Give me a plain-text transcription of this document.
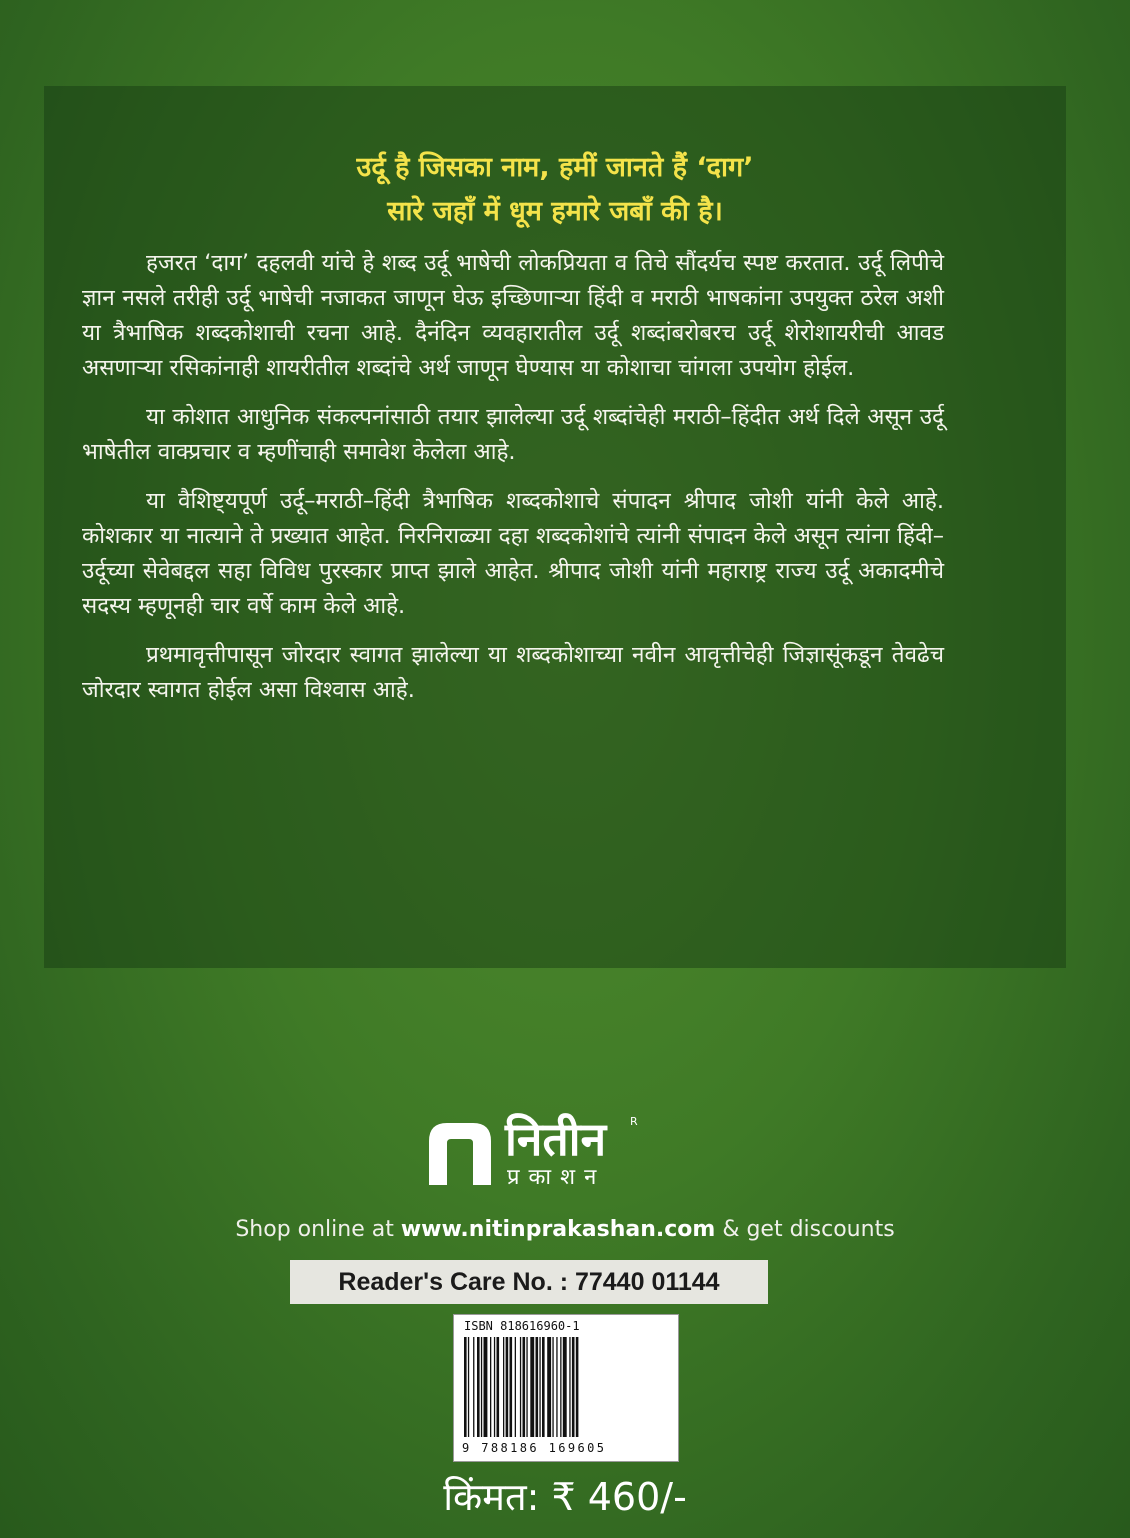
उर्दू है जिसका नाम, हमीं जानते हैं ‘दाग’
सारे जहाँ में धूम हमारे जबाँ की है।

हजरत ‘दाग’ दहलवी यांचे हे शब्द उर्दू भाषेची लोकप्रियता व तिचे सौंदर्यच स्पष्ट करतात. उर्दू लिपीचे ज्ञान नसले तरीही उर्दू भाषेची नजाकत जाणून घेऊ इच्छिणाऱ्या हिंदी व मराठी भाषकांना उपयुक्त ठरेल अशी या त्रैभाषिक शब्दकोशाची रचना आहे. दैनंदिन व्यवहारातील उर्दू शब्दांबरोबरच उर्दू शेरोशायरीची आवड असणाऱ्या रसिकांनाही शायरीतील शब्दांचे अर्थ जाणून घेण्यास या कोशाचा चांगला उपयोग होईल.

या कोशात आधुनिक संकल्पनांसाठी तयार झालेल्या उर्दू शब्दांचेही मराठी–हिंदीत अर्थ दिले असून उर्दू भाषेतील वाक्प्रचार व म्हणींचाही समावेश केलेला आहे.

या वैशिष्ट्यपूर्ण उर्दू–मराठी–हिंदी त्रैभाषिक शब्दकोशाचे संपादन श्रीपाद जोशी यांनी केले आहे. कोशकार या नात्याने ते प्रख्यात आहेत. निरनिराळ्या दहा शब्दकोशांचे त्यांनी संपादन केले असून त्यांना हिंदी–उर्दूच्या सेवेबद्दल सहा विविध पुरस्कार प्राप्त झाले आहेत. श्रीपाद जोशी यांनी महाराष्ट्र राज्य उर्दू अकादमीचे सदस्य म्हणूनही चार वर्षे काम केले आहे.

प्रथमावृत्तीपासून जोरदार स्वागत झालेल्या या शब्दकोशाच्या नवीन आवृत्तीचेही जिज्ञासूंकडून तेवढेच जोरदार स्वागत होईल असा विश्वास आहे.

नितीन R
प्रकाशन
Shop online at www.nitinprakashan.com & get discounts
Reader's Care No. : 77440 01144
ISBN 818616960-1
9 788186 169605
किंमत: ₹ 460/-
